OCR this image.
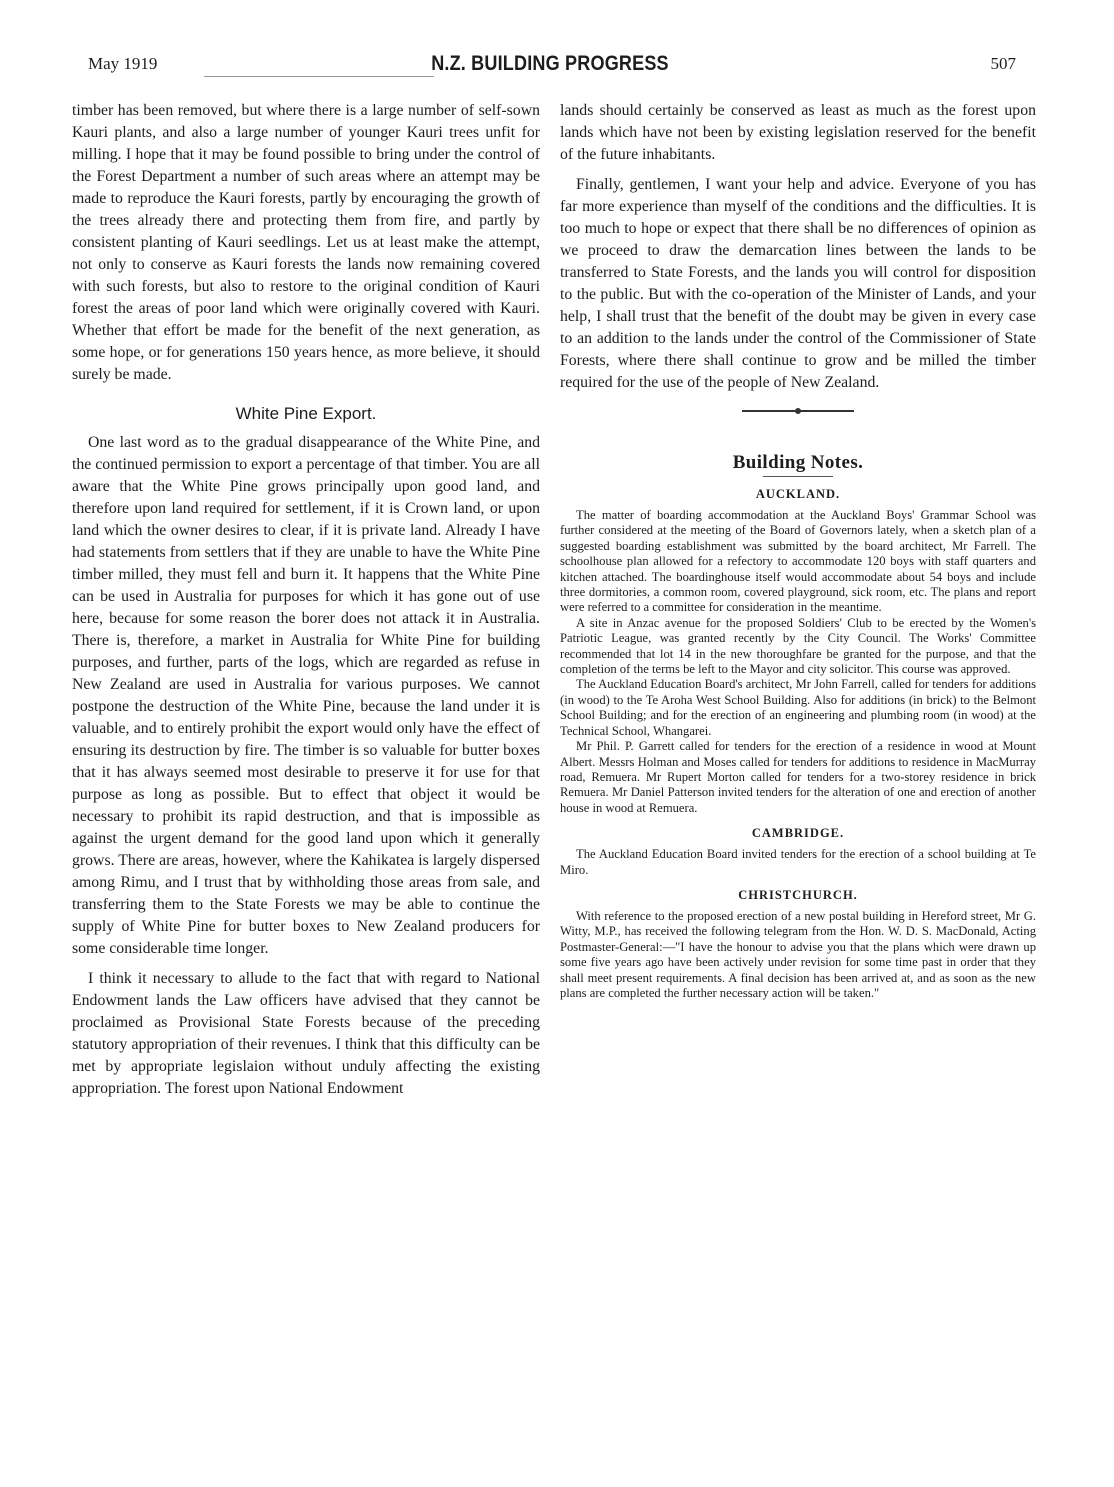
May 1919	N.Z. BUILDING PROGRESS	507

timber has been removed, but where there is a large number of self-sown Kauri plants, and also a large number of younger Kauri trees unfit for milling. I hope that it may be found possible to bring under the control of the Forest Department a number of such areas where an attempt may be made to reproduce the Kauri forests, partly by encouraging the growth of the trees already there and protecting them from fire, and partly by consistent planting of Kauri seedlings. Let us at least make the attempt, not only to conserve as Kauri forests the lands now remaining covered with such forests, but also to restore to the original condition of Kauri forest the areas of poor land which were originally covered with Kauri. Whether that effort be made for the benefit of the next generation, as some hope, or for generations 150 years hence, as more believe, it should surely be made.

White Pine Export.

One last word as to the gradual disappearance of the White Pine, and the continued permission to export a percentage of that timber. You are all aware that the White Pine grows principally upon good land, and therefore upon land required for settlement, if it is Crown land, or upon land which the owner desires to clear, if it is private land. Already I have had statements from settlers that if they are unable to have the White Pine timber milled, they must fell and burn it. It happens that the White Pine can be used in Australia for purposes for which it has gone out of use here, because for some reason the borer does not attack it in Australia. There is, therefore, a market in Australia for White Pine for building purposes, and further, parts of the logs, which are regarded as refuse in New Zealand are used in Australia for various purposes. We cannot postpone the destruction of the White Pine, because the land under it is valuable, and to entirely prohibit the export would only have the effect of ensuring its destruction by fire. The timber is so valuable for butter boxes that it has always seemed most desirable to preserve it for use for that purpose as long as possible. But to effect that object it would be necessary to prohibit its rapid destruction, and that is impossible as against the urgent demand for the good land upon which it generally grows. There are areas, however, where the Kahikatea is largely dispersed among Rimu, and I trust that by withholding those areas from sale, and transferring them to the State Forests we may be able to continue the supply of White Pine for butter boxes to New Zealand producers for some considerable time longer.

I think it necessary to allude to the fact that with regard to National Endowment lands the Law officers have advised that they cannot be proclaimed as Provisional State Forests because of the preceding statutory appropriation of their revenues. I think that this difficulty can be met by appropriate legislaion without unduly affecting the existing appropriation. The forest upon National Endowment

lands should certainly be conserved as least as much as the forest upon lands which have not been by existing legislation reserved for the benefit of the future inhabitants.

Finally, gentlemen, I want your help and advice. Everyone of you has far more experience than myself of the conditions and the difficulties. It is too much to hope or expect that there shall be no differences of opinion as we proceed to draw the demarcation lines between the lands to be transferred to State Forests, and the lands you will control for disposition to the public. But with the co-operation of the Minister of Lands, and your help, I shall trust that the benefit of the doubt may be given in every case to an addition to the lands under the control of the Commissioner of State Forests, where there shall continue to grow and be milled the timber required for the use of the people of New Zealand.

Building Notes.
AUCKLAND.

The matter of boarding accommodation at the Auckland Boys' Grammar School was further considered at the meeting of the Board of Governors lately, when a sketch plan of a suggested boarding establishment was submitted by the board architect, Mr Farrell. The schoolhouse plan allowed for a refectory to accommodate 120 boys with staff quarters and kitchen attached. The boardinghouse itself would accommodate about 54 boys and include three dormitories, a common room, covered playground, sick room, etc. The plans and report were referred to a committee for consideration in the meantime.

A site in Anzac avenue for the proposed Soldiers' Club to be erected by the Women's Patriotic League, was granted recently by the City Council. The Works' Committee recommended that lot 14 in the new thoroughfare be granted for the purpose, and that the completion of the terms be left to the Mayor and city solicitor. This course was approved.

The Auckland Education Board's architect, Mr John Farrell, called for tenders for additions (in wood) to the Te Aroha West School Building. Also for additions (in brick) to the Belmont School Building; and for the erection of an engineering and plumbing room (in wood) at the Technical School, Whangarei.

Mr Phil. P. Garrett called for tenders for the erection of a residence in wood at Mount Albert. Messrs Holman and Moses called for tenders for additions to residence in MacMurray road, Remuera. Mr Rupert Morton called for tenders for a two-storey residence in brick Remuera. Mr Daniel Patterson invited tenders for the alteration of one and erection of another house in wood at Remuera.

CAMBRIDGE.

The Auckland Education Board invited tenders for the erection of a school building at Te Miro.

CHRISTCHURCH.

With reference to the proposed erection of a new postal building in Hereford street, Mr G. Witty, M.P., has received the following telegram from the Hon. W. D. S. MacDonald, Acting Postmaster-General:—"I have the honour to advise you that the plans which were drawn up some five years ago have been actively under revision for some time past in order that they shall meet present requirements. A final decision has been arrived at, and as soon as the new plans are completed the further necessary action will be taken."
